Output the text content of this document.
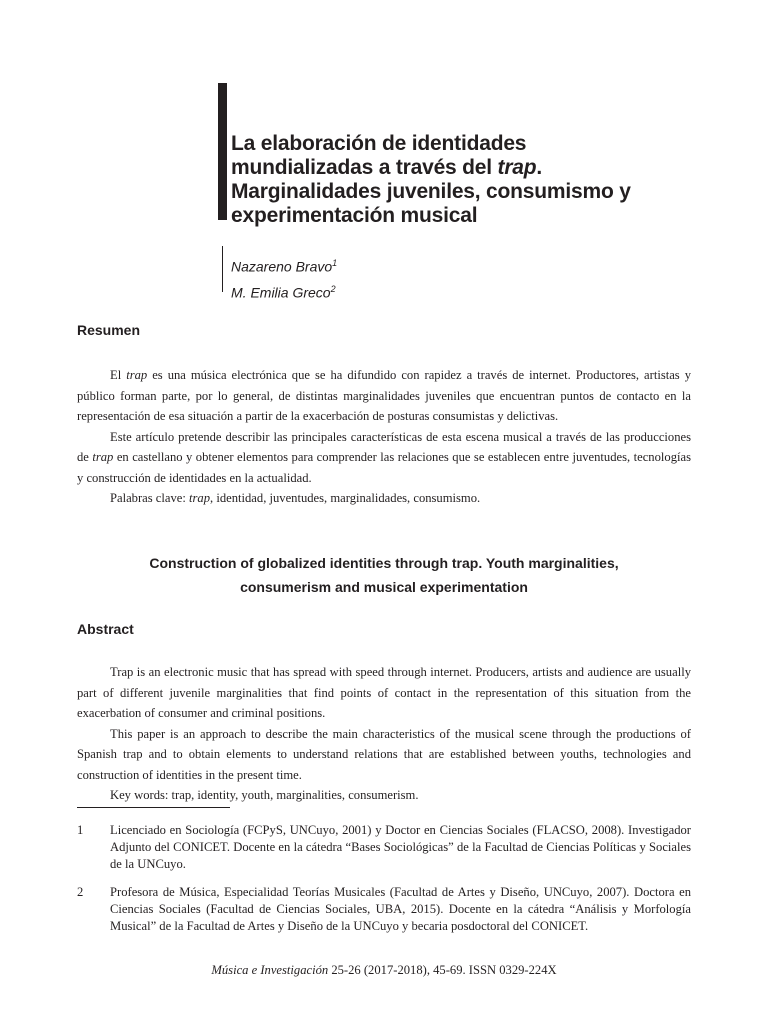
La elaboración de identidades
mundializadas a través del trap.
Marginalidades juveniles, consumismo y
experimentación musical
Nazareno Bravo$^1$
M. Emilia Greco$^2$
Resumen

El trap es una música electrónica que se ha difundido con rapidez a través de internet. Productores, artistas y público forman parte, por lo general, de distintas marginalidades juveniles que encuentran puntos de contacto en la representación de esa situación a partir de la exacerbación de posturas consumistas y delictivas.

Este artículo pretende describir las principales características de esta escena musical a través de las producciones de trap en castellano y obtener elementos para comprender las relaciones que se establecen entre juventudes, tecnologías y construcción de identidades en la actualidad.

Palabras clave: trap, identidad, juventudes, marginalidades, consumismo.

Construction of globalized identities through trap. Youth marginalities,
consumerism and musical experimentation
Abstract

Trap is an electronic music that has spread with speed through internet. Producers, artists and audience are usually part of different juvenile marginalities that find points of contact in the representation of this situation from the exacerbation of consumer and criminal positions.

This paper is an approach to describe the main characteristics of the musical scene through the productions of Spanish trap and to obtain elements to understand relations that are established between youths, technologies and construction of identities in the present time.

Key words: trap, identity, youth, marginalities, consumerism.

1	Licenciado en Sociología (FCPyS, UNCuyo, 2001) y Doctor en Ciencias Sociales (FLACSO, 2008). Investigador Adjunto del CONICET. Docente en la cátedra “Bases Sociológicas” de la Facultad de Ciencias Políticas y Sociales de la UNCuyo.
2	Profesora de Música, Especialidad Teorías Musicales (Facultad de Artes y Diseño, UNCuyo, 2007). Doctora en Ciencias Sociales (Facultad de Ciencias Sociales, UBA, 2015). Docente en la cátedra “Análisis y Morfología Musical” de la Facultad de Artes y Diseño de la UNCuyo y becaria posdoctoral del CONICET.
Música e Investigación 25-26 (2017-2018), 45-69. ISSN 0329-224X
